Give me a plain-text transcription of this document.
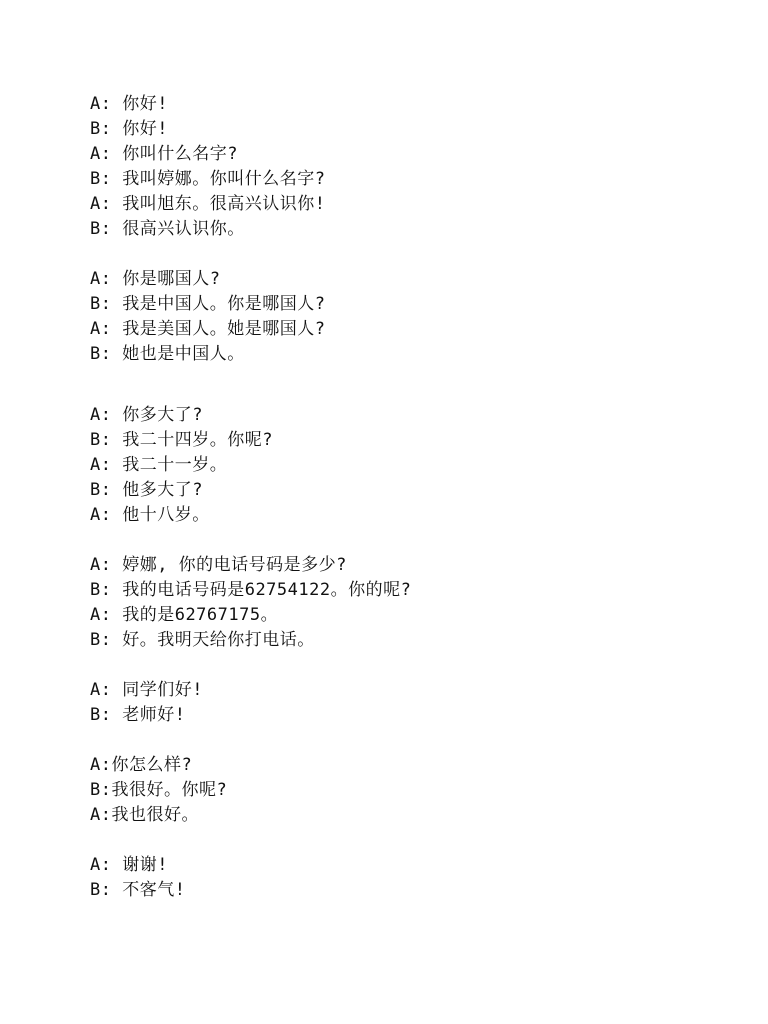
A: 你好!
B: 你好!
A: 你叫什么名字?
B: 我叫婷娜。你叫什么名字?
A: 我叫旭东。很高兴认识你!
B: 很高兴认识你。
A: 你是哪国人?
B: 我是中国人。你是哪国人?
A: 我是美国人。她是哪国人?
B: 她也是中国人。
A: 你多大了?
B: 我二十四岁。你呢?
A: 我二十一岁。
B: 他多大了?
A: 他十八岁。
A: 婷娜, 你的电话号码是多少?
B: 我的电话号码是62754122。你的呢?
A: 我的是62767175。
B: 好。我明天给你打电话。
A: 同学们好!
B: 老师好!
A:你怎么样?
B:我很好。你呢?
A:我也很好。
A: 谢谢!
B: 不客气!
